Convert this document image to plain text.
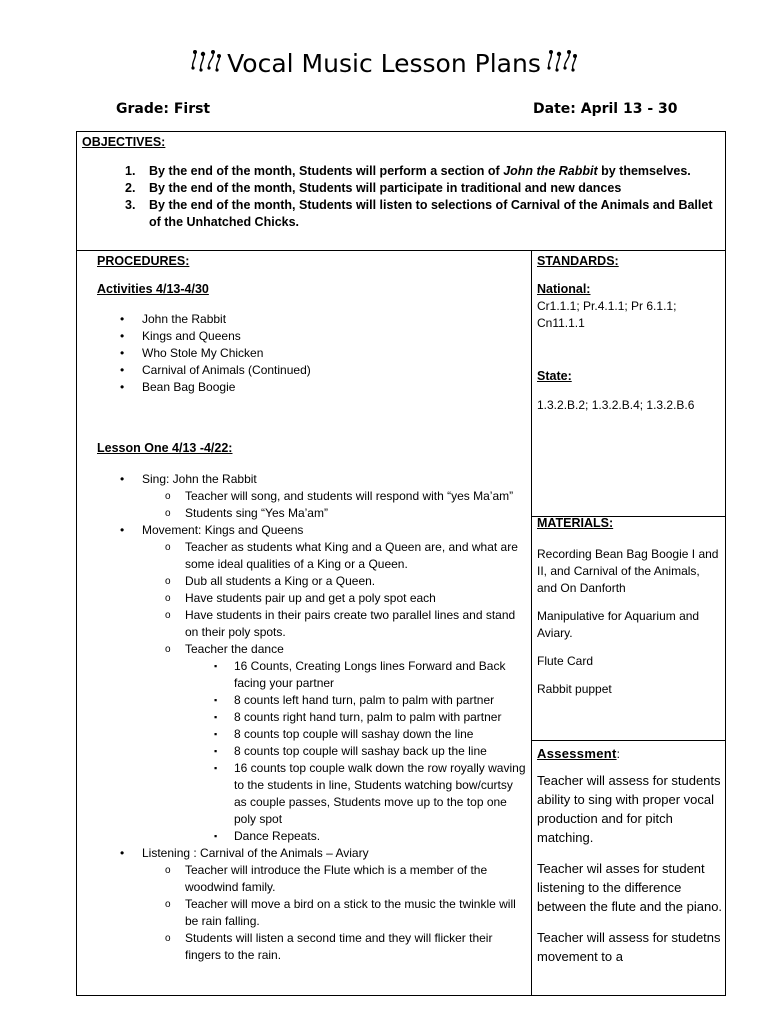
Vocal Music Lesson Plans
Grade: First	Date: April 13 - 30
OBJECTIVES:
1. By the end of the month, Students will perform a section of John the Rabbit by themselves.
2. By the end of the month, Students will participate in traditional and new dances
3. By the end of the month, Students will listen to selections of Carnival of the Animals and Ballet of the Unhatched Chicks.
PROCEDURES:
Activities 4/13-4/30
• John the Rabbit
• Kings and Queens
• Who Stole My Chicken
• Carnival of Animals (Continued)
• Bean Bag Boogie
Lesson One 4/13 -4/22:
• Sing: John the Rabbit
o Teacher will song, and students will respond with “yes Ma’am”
o Students sing “Yes Ma’am”
• Movement: Kings and Queens
o Teacher as students what King and a Queen are, and what are some ideal qualities of a King or a Queen.
o Dub all students a King or a Queen.
o Have students pair up and get a poly spot each
o Have students in their pairs create two parallel lines and stand on their poly spots.
o Teacher the dance
▪ 16 Counts, Creating Longs lines Forward and Back facing your partner
▪ 8 counts left hand turn, palm to palm with partner
▪ 8 counts right hand turn, palm to palm with partner
▪ 8 counts top couple will sashay down the line
▪ 8 counts top couple will sashay back up the line
▪ 16 counts top couple walk down the row royally waving to the students in line, Students watching bow/curtsy as couple passes, Students move up to the top one poly spot
▪ Dance Repeats.
• Listening : Carnival of the Animals – Aviary
o Teacher will introduce the Flute which is a member of the woodwind family.
o Teacher will move a bird on a stick to the music the twinkle will be rain falling.
o Students will listen a second time and they will flicker their fingers to the rain.
STANDARDS:
National:
Cr1.1.1; Pr.4.1.1; Pr 6.1.1; Cn11.1.1
State:
1.3.2.B.2; 1.3.2.B.4; 1.3.2.B.6
MATERIALS:

Recording Bean Bag Boogie I and II, and Carnival of the Animals, and On Danforth

Manipulative for Aquarium and Aviary.

Flute Card

Rabbit puppet

Assessment:

Teacher will assess for students ability to sing with proper vocal production and for pitch matching.

Teacher wil asses for student listening to the difference between the flute and the piano.

Teacher will assess for studetns movement to a
